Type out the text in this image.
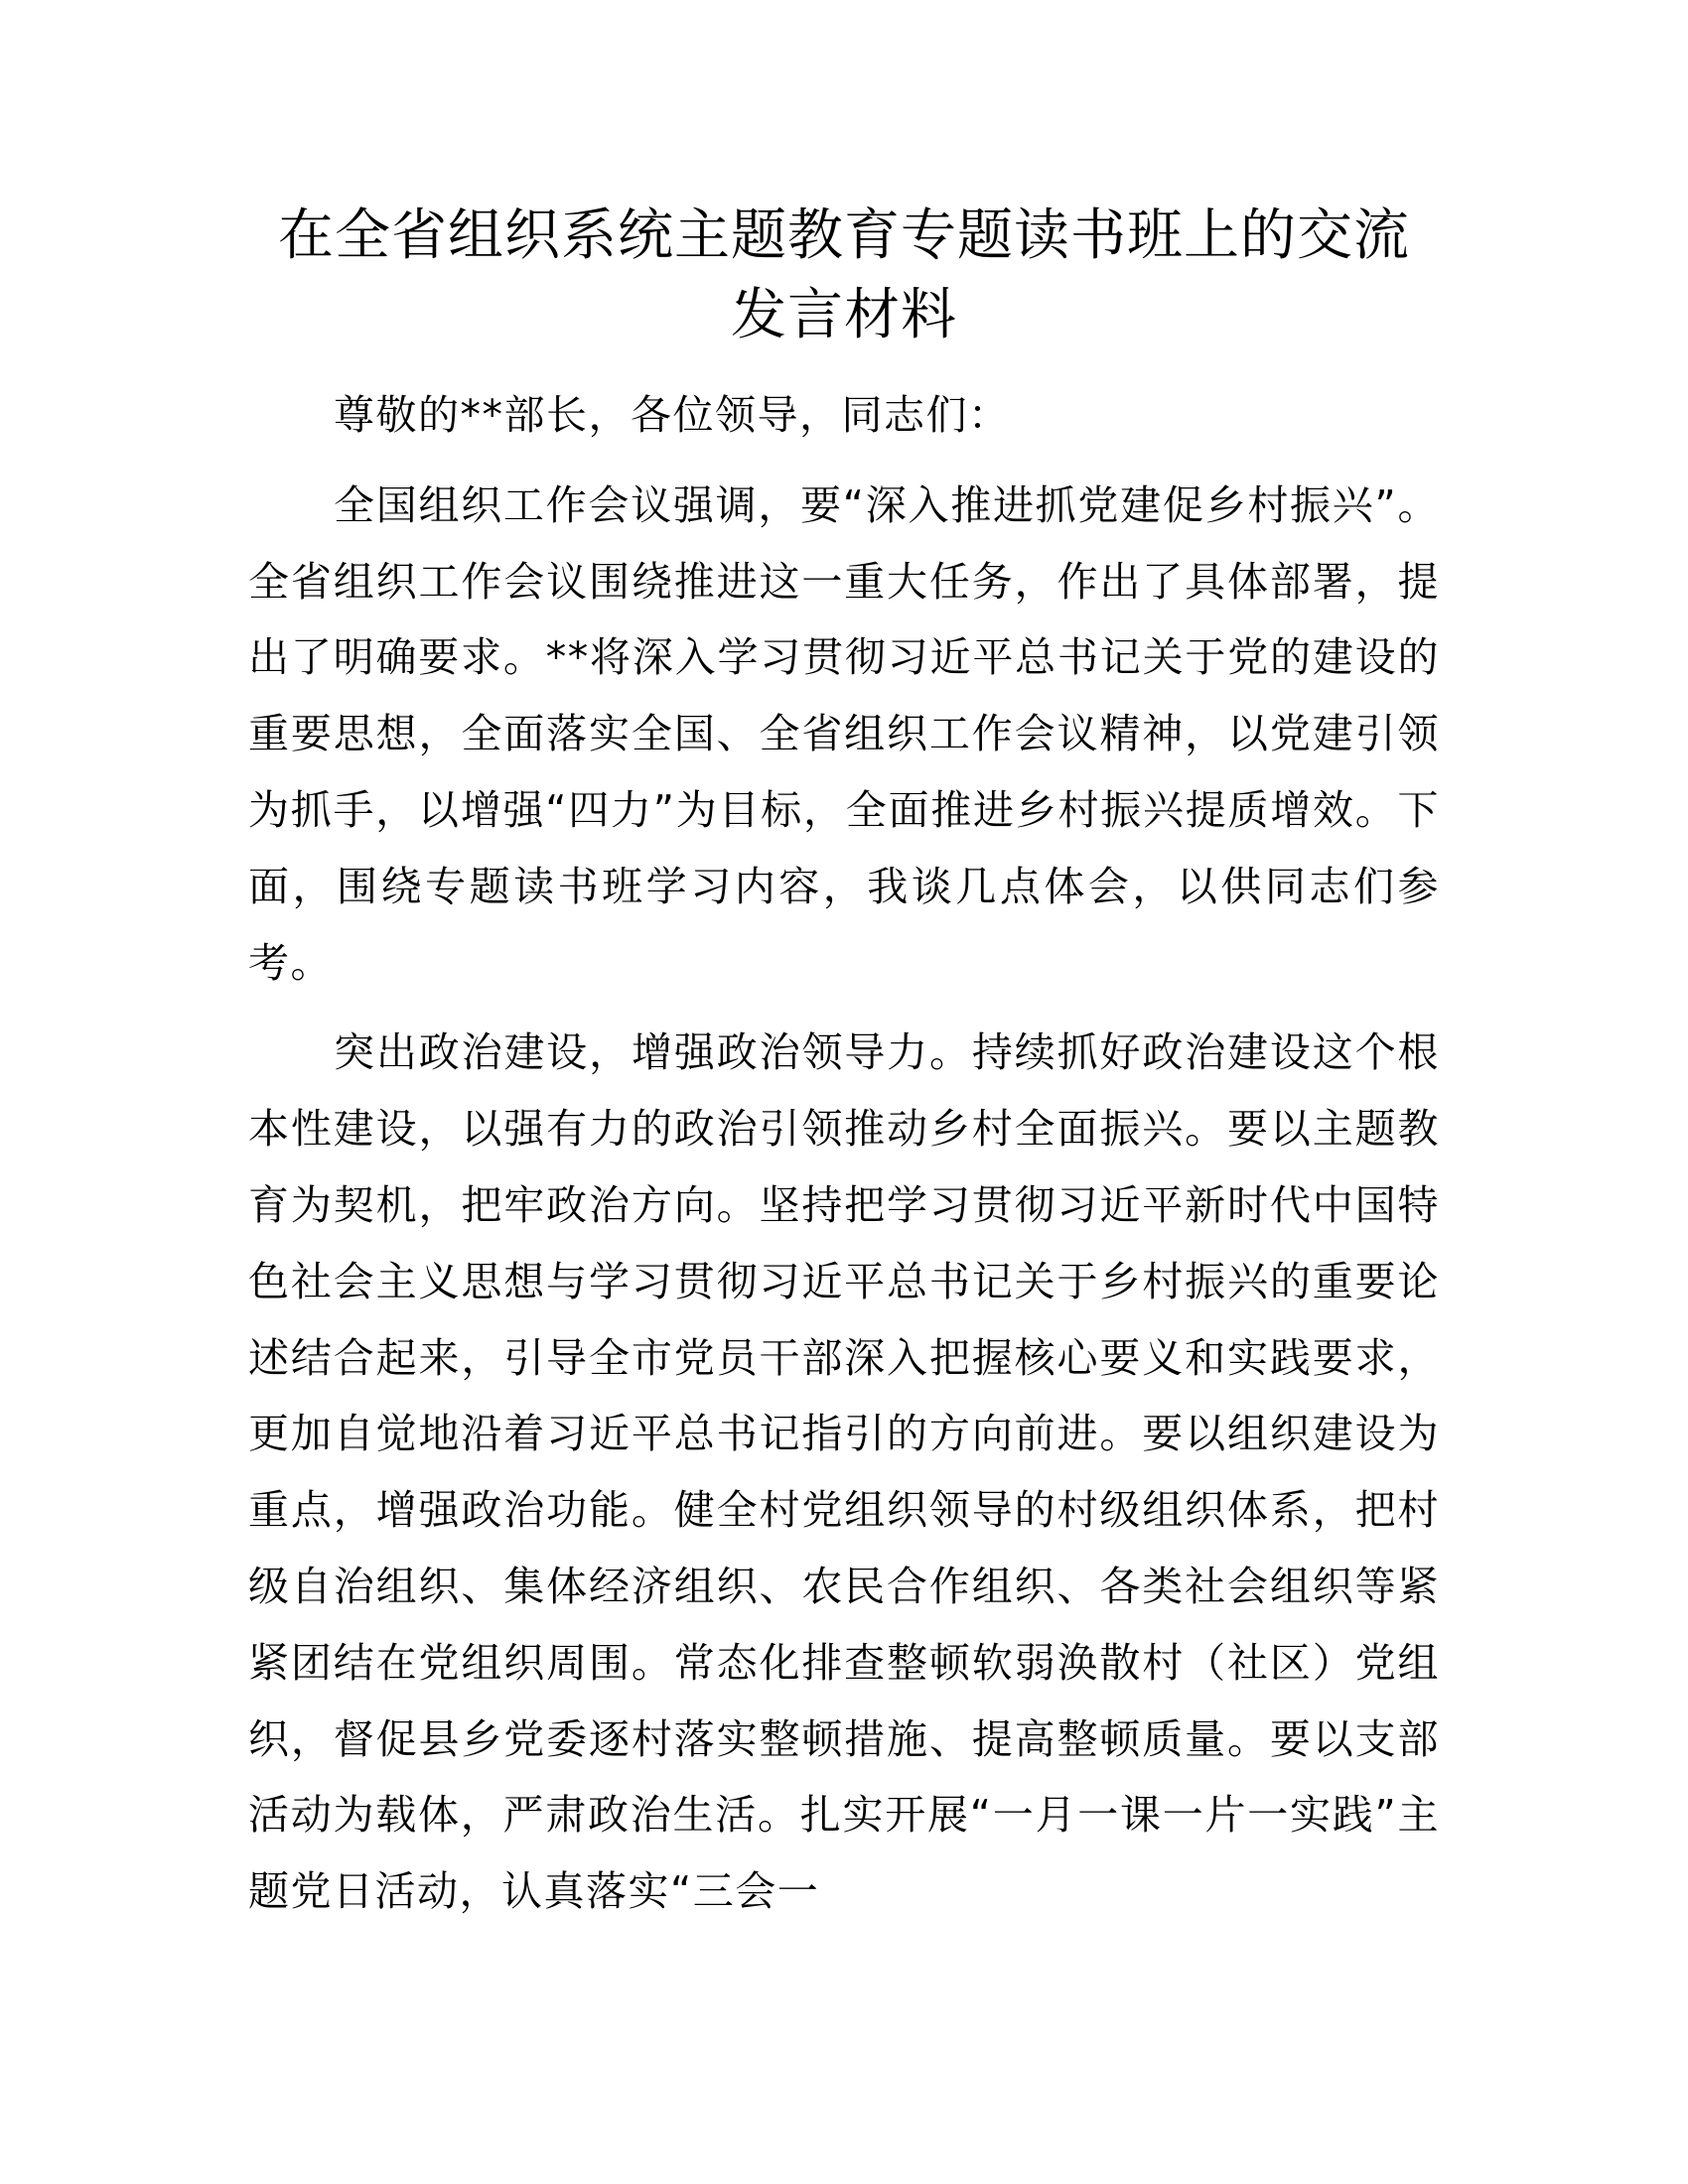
在全省组织系统主题教育专题读书班上的交流
发言材料

尊敬的**部长，各位领导，同志们：

全国组织工作会议强调，要“深入推进抓党建促乡村振兴”。全省组织工作会议围绕推进这一重大任务，作出了具体部署，提出了明确要求。**将深入学习贯彻习近平总书记关于党的建设的重要思想，全面落实全国、全省组织工作会议精神，以党建引领为抓手，以增强“四力”为目标，全面推进乡村振兴提质增效。下面，围绕专题读书班学习内容，我谈几点体会，以供同志们参考。

突出政治建设，增强政治领导力。持续抓好政治建设这个根本性建设，以强有力的政治引领推动乡村全面振兴。要以主题教育为契机，把牢政治方向。坚持把学习贯彻习近平新时代中国特色社会主义思想与学习贯彻习近平总书记关于乡村振兴的重要论述结合起来，引导全市党员干部深入把握核心要义和实践要求，更加自觉地沿着习近平总书记指引的方向前进。要以组织建设为重点，增强政治功能。健全村党组织领导的村级组织体系，把村级自治组织、集体经济组织、农民合作组织、各类社会组织等紧紧团结在党组织周围。常态化排查整顿软弱涣散村（社区）党组织，督促县乡党委逐村落实整顿措施、提高整顿质量。要以支部活动为载体，严肃政治生活。扎实开展“一月一课一片一实践”主题党日活动，认真落实“三会一
